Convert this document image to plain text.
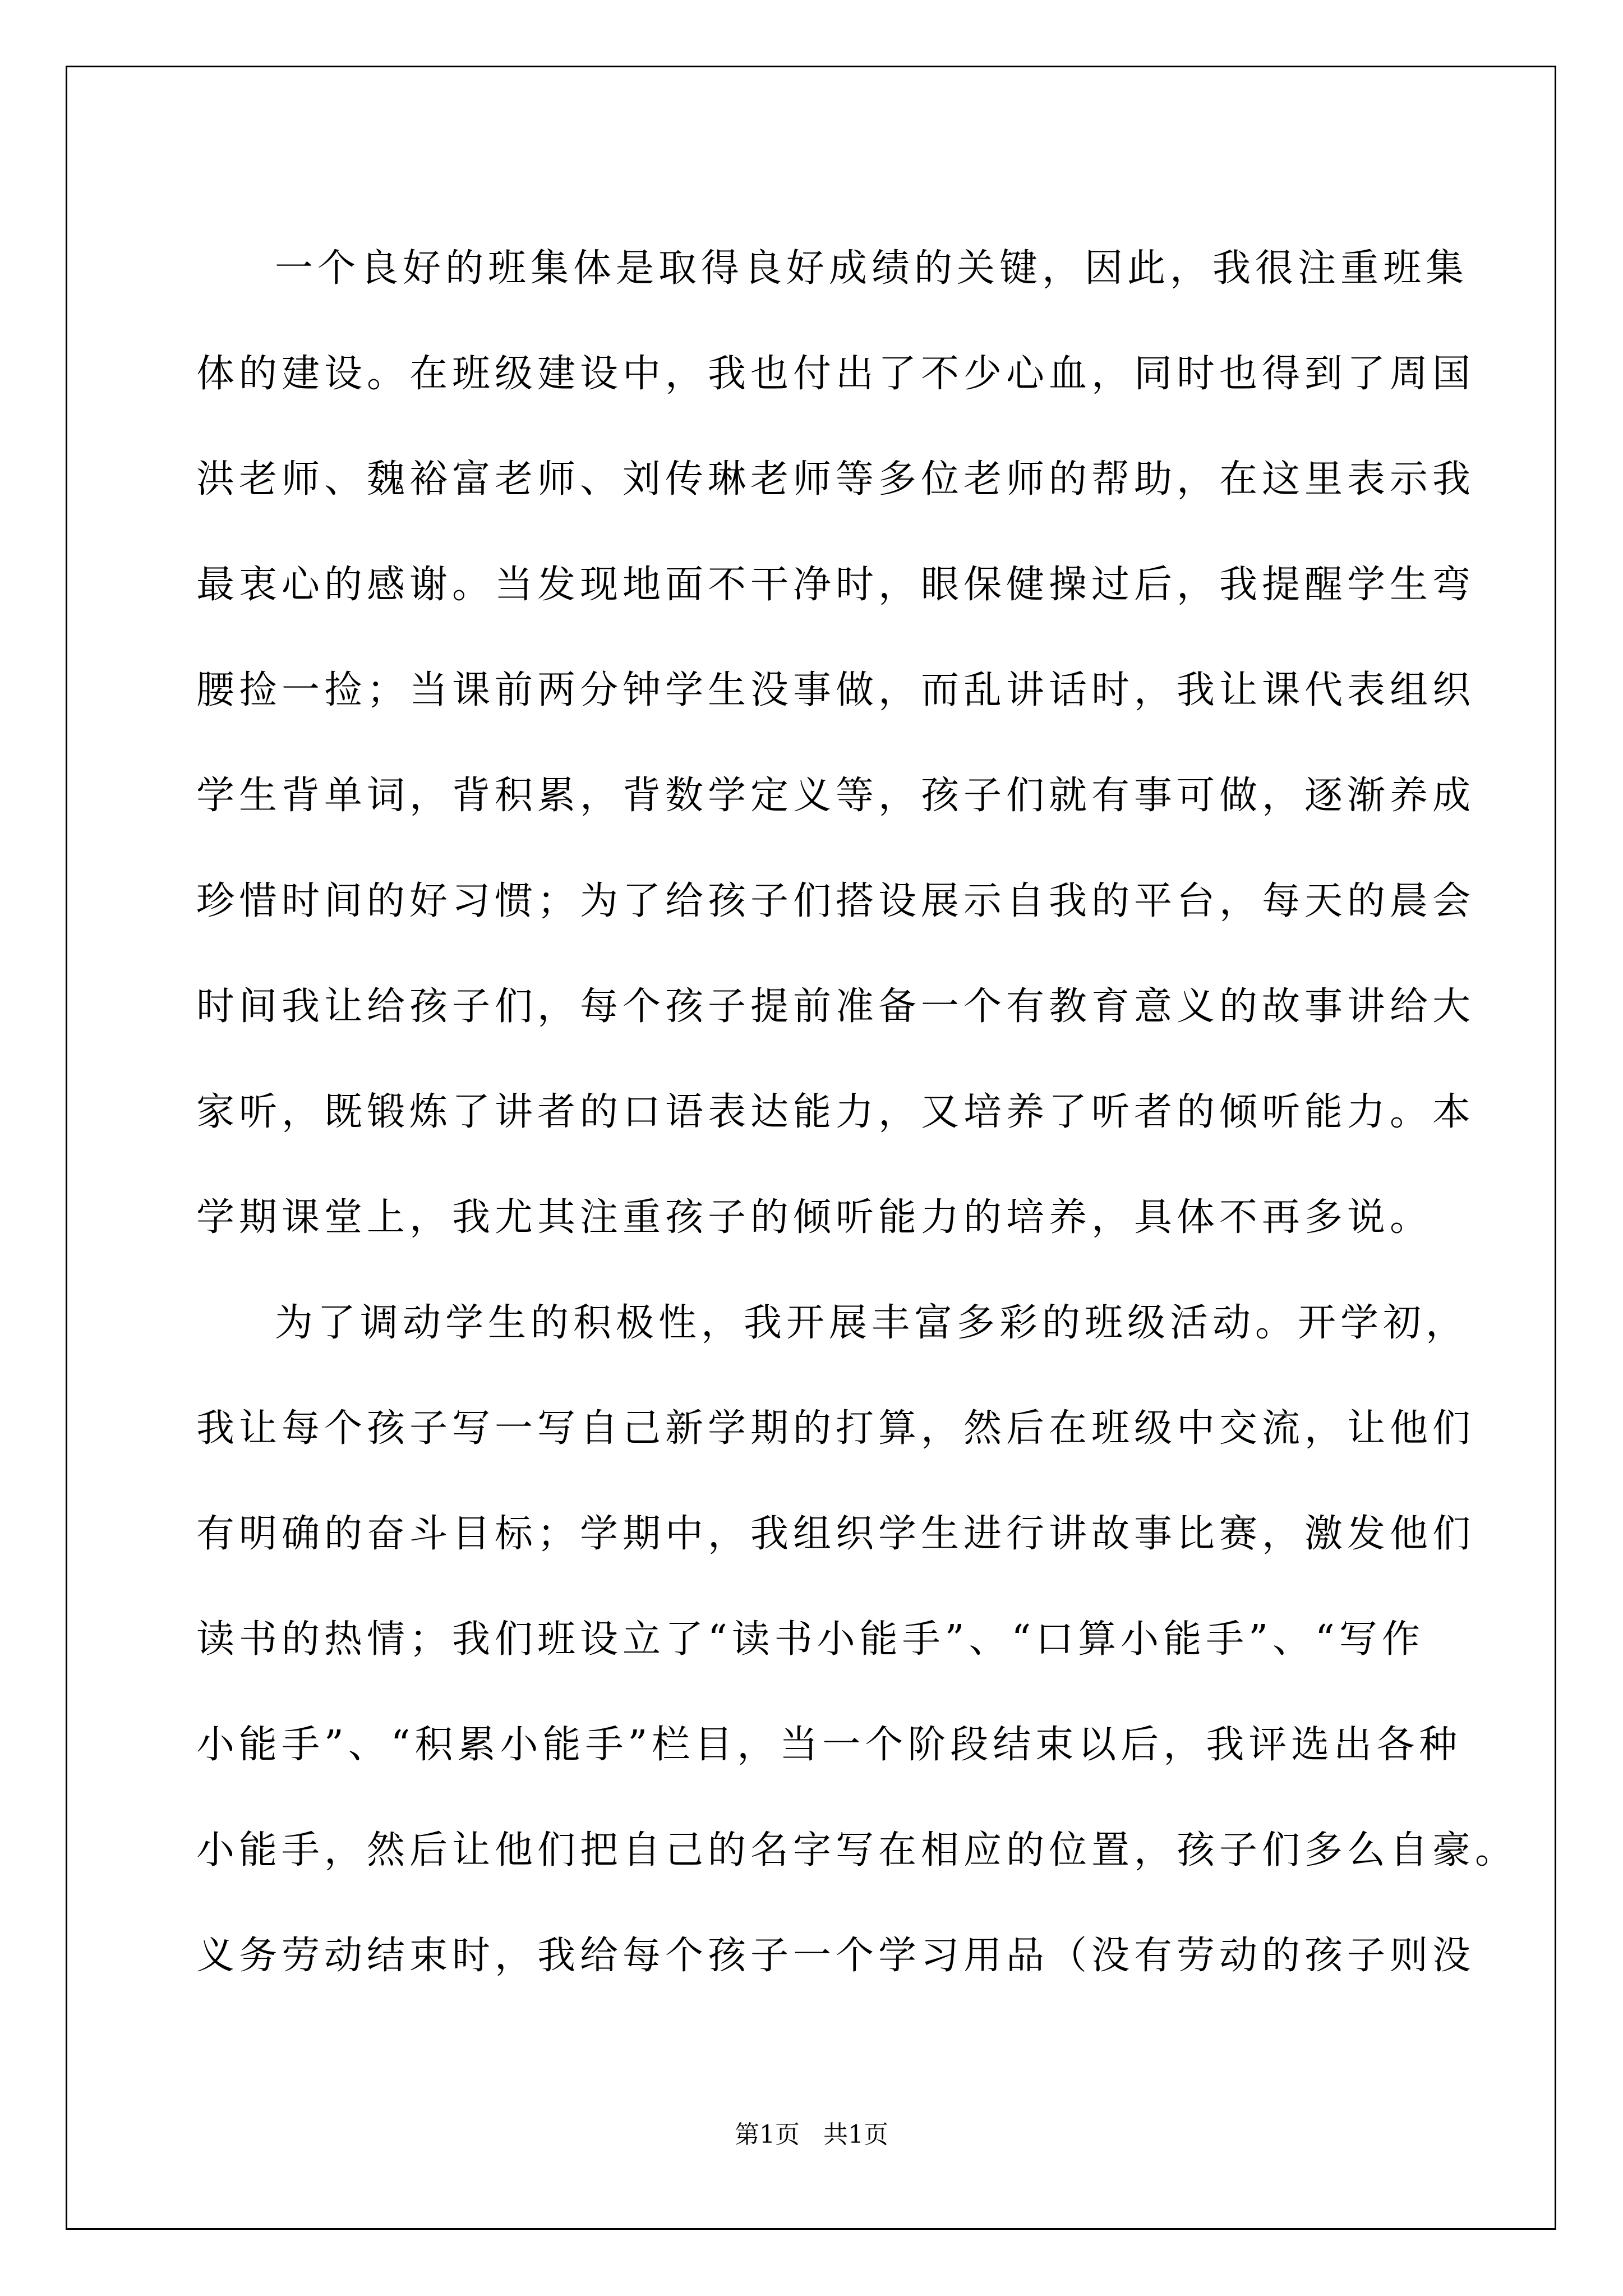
一个良好的班集体是取得良好成绩的关键，因此，我很注重班集
体的建设。在班级建设中，我也付出了不少心血，同时也得到了周国
洪老师、魏裕富老师、刘传琳老师等多位老师的帮助，在这里表示我
最衷心的感谢。当发现地面不干净时，眼保健操过后，我提醒学生弯
腰捡一捡；当课前两分钟学生没事做，而乱讲话时，我让课代表组织
学生背单词，背积累，背数学定义等，孩子们就有事可做，逐渐养成
珍惜时间的好习惯；为了给孩子们搭设展示自我的平台，每天的晨会
时间我让给孩子们，每个孩子提前准备一个有教育意义的故事讲给大
家听，既锻炼了讲者的口语表达能力，又培养了听者的倾听能力。本
学期课堂上，我尤其注重孩子的倾听能力的培养，具体不再多说。
为了调动学生的积极性，我开展丰富多彩的班级活动。开学初，
我让每个孩子写一写自己新学期的打算，然后在班级中交流，让他们
有明确的奋斗目标；学期中，我组织学生进行讲故事比赛，激发他们
读书的热情；我们班设立了“读书小能手”、“口算小能手”、“写作
小能手”、“积累小能手”栏目，当一个阶段结束以后，我评选出各种
小能手，然后让他们把自己的名字写在相应的位置，孩子们多么自豪。
义务劳动结束时，我给每个孩子一个学习用品（没有劳动的孩子则没
第1页   共1页
